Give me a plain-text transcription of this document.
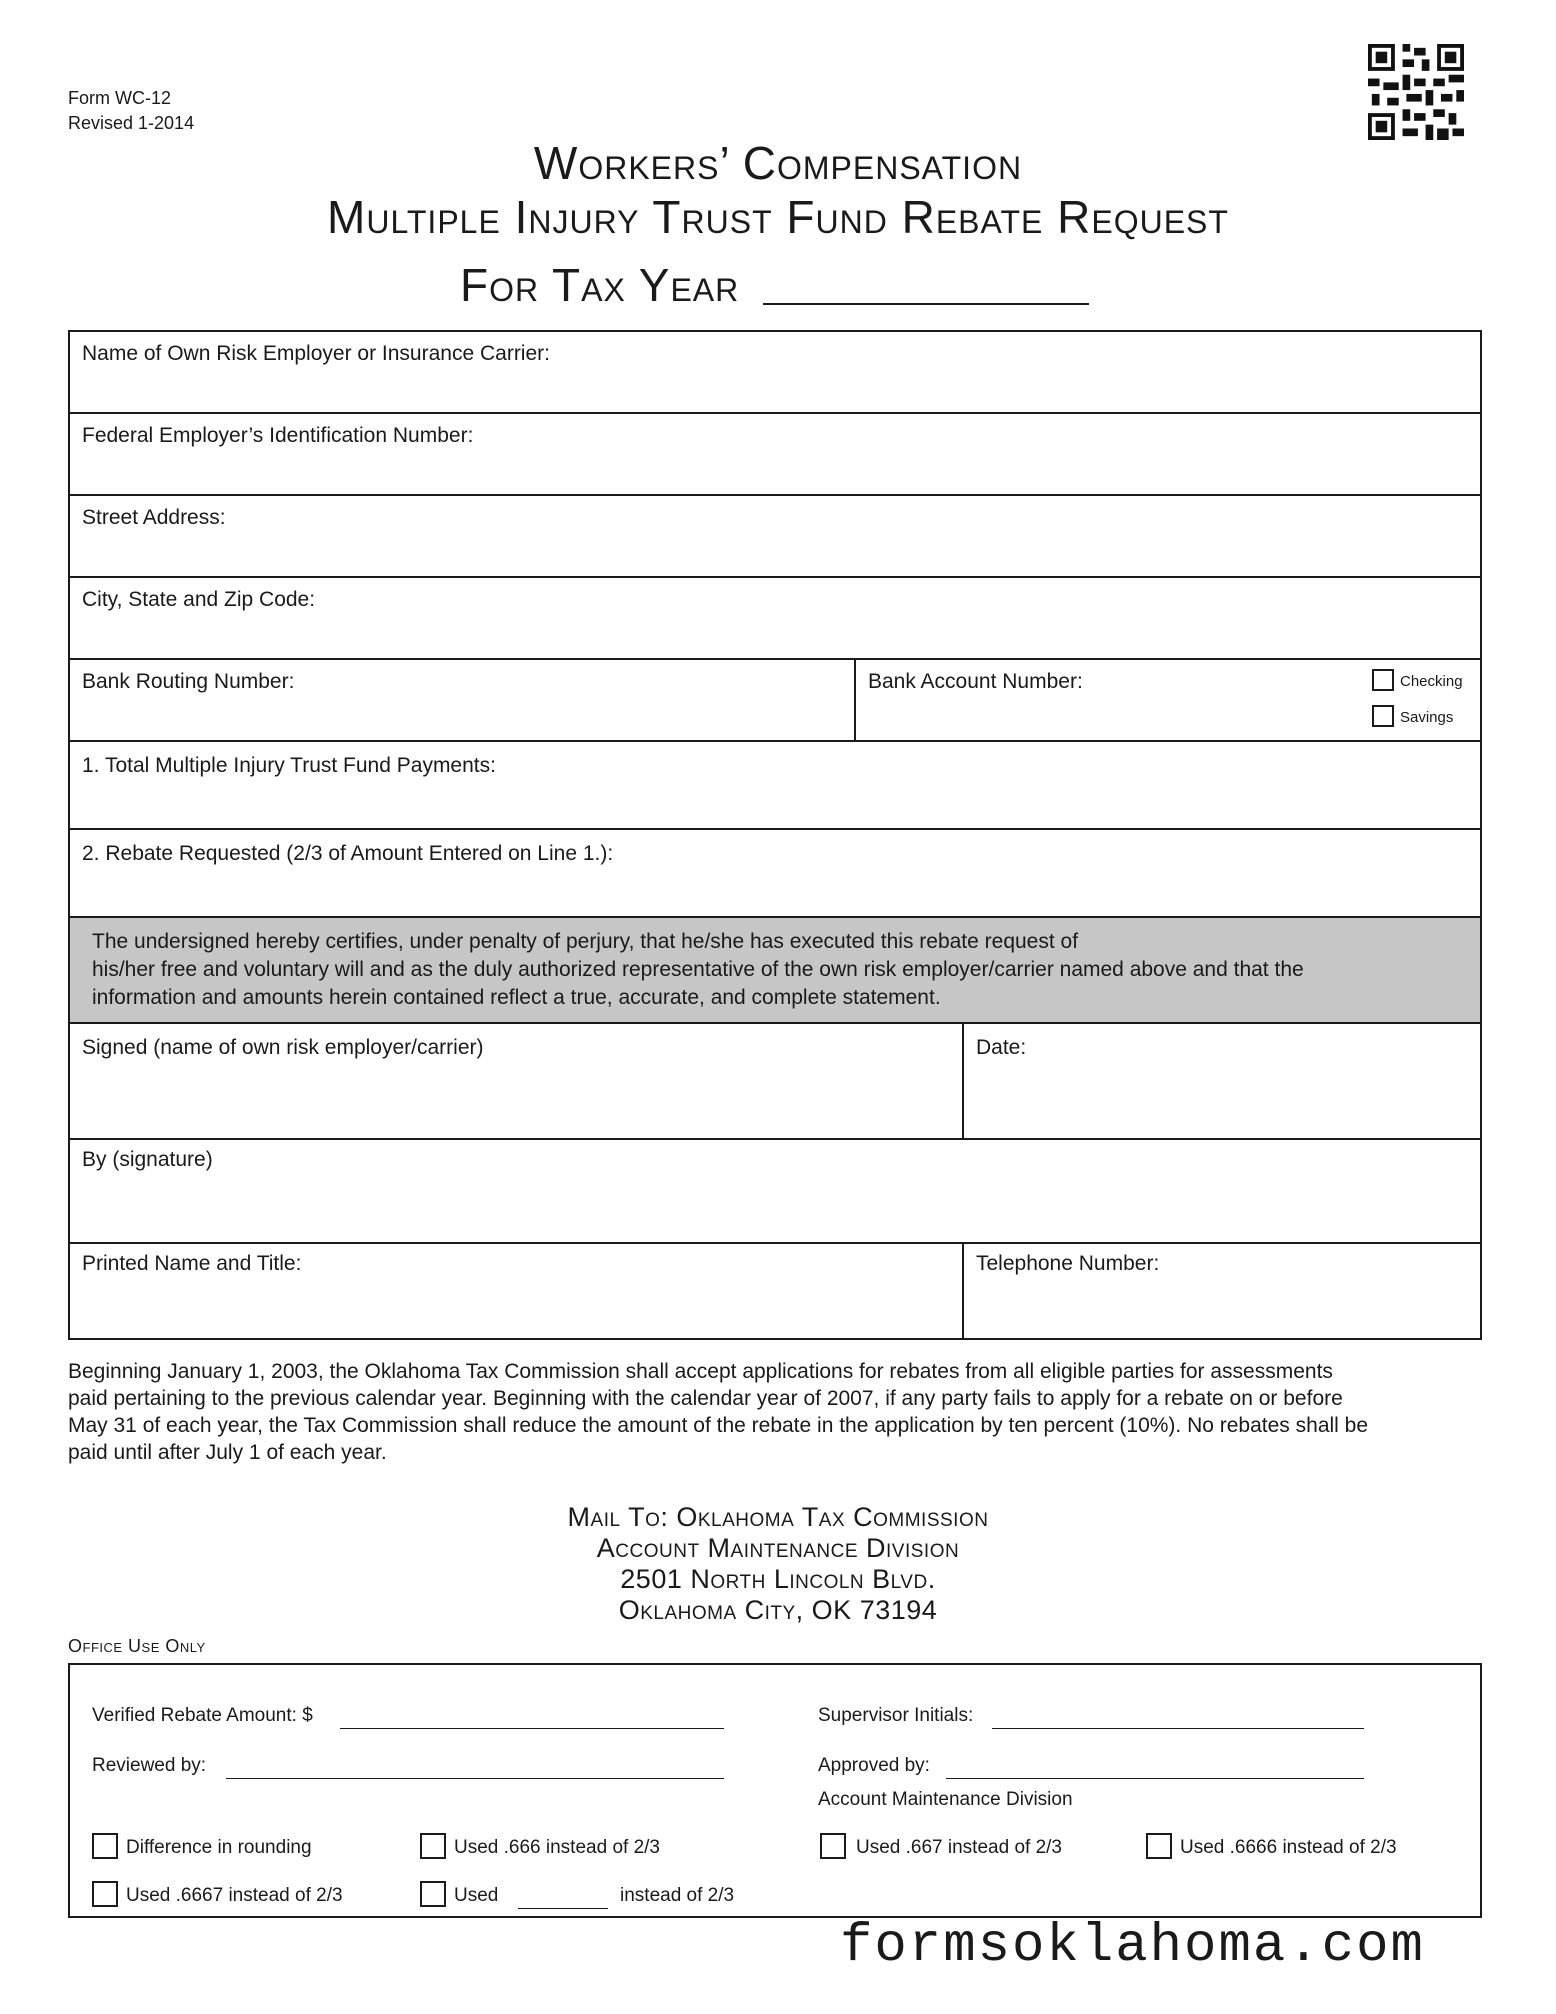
Form WC-12
Revised 1-2014
Workers’ Compensation
Multiple Injury Trust Fund Rebate Request
For Tax Year
Name of Own Risk Employer or Insurance Carrier:
Federal Employer’s Identification Number:
Street Address:
City, State and Zip Code:
Bank Routing Number:	Bank Account Number:	Checking
Savings
1. Total Multiple Injury Trust Fund Payments:
2. Rebate Requested (2/3 of Amount Entered on Line 1.):
The undersigned hereby certifies, under penalty of perjury, that he/she has executed this rebate request of
his/her free and voluntary will and as the duly authorized representative of the own risk employer/carrier named above and that the
information and amounts herein contained reflect a true, accurate, and complete statement.
Signed (name of own risk employer/carrier)	Date:
By (signature)
Printed Name and Title:	Telephone Number:
Beginning January 1, 2003, the Oklahoma Tax Commission shall accept applications for rebates from all eligible parties for assessments
paid pertaining to the previous calendar year. Beginning with the calendar year of 2007, if any party fails to apply for a rebate on or before
May 31 of each year, the Tax Commission shall reduce the amount of the rebate in the application by ten percent (10%). No rebates shall be
paid until after July 1 of each year.
Mail To: Oklahoma Tax Commission
Account Maintenance Division
2501 North Lincoln Blvd.
Oklahoma City, OK 73194
Office Use Only
Verified Rebate Amount: $	Supervisor Initials:
Reviewed by:	Approved by:
Account Maintenance Division
Difference in rounding	Used .666 instead of 2/3	Used .667 instead of 2/3	Used .6666 instead of 2/3
Used .6667 instead of 2/3	Used	instead of 2/3
formsoklahoma.com
